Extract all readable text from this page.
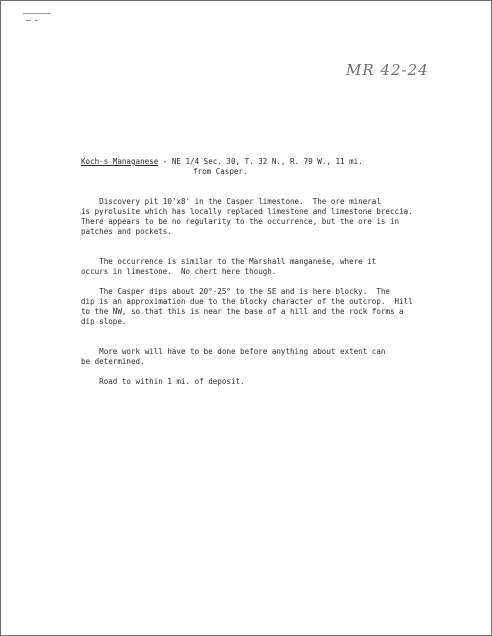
MR 42-24
Koch-s Managanese - NE 1/4 Sec. 30, T. 32 N., R. 79 W., 11 mi.
from Casper.
Discovery pit 10'x8' in the Casper limestone.  The ore mineral
is pyrolusite which has locally replaced limestone and limestone breccia.
There appears to be no regularity to the occurrence, but the ore is in
patches and pockets.
The occurrence is similar to the Marshall manganese, where it
occurs in limestone.  No chert here though.
The Casper dips about 20°-25° to the SE and is here blocky.  The
dip is an approximation due to the blocky character of the outcrop.  Hill
to the NW, so that this is near the base of a hill and the rock forms a
dip slope.
More work will have to be done before anything about extent can
be determined.
Road to within 1 mi. of deposit.
